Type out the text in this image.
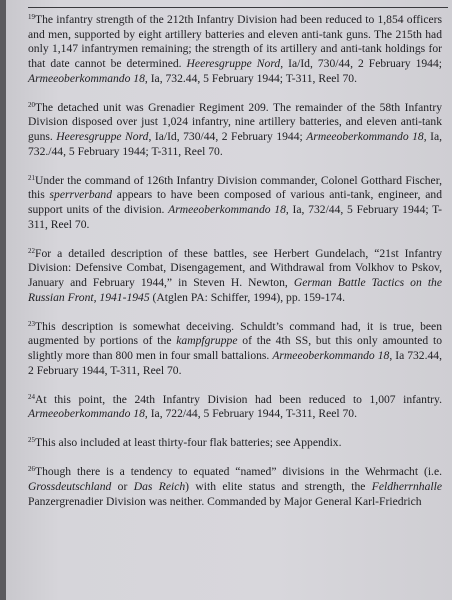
$^{19}$The infantry strength of the 212th Infantry Division had been reduced to 1,854 officers and men, supported by eight artillery batteries and eleven anti-tank guns. The 215th had only 1,147 infantrymen remaining; the strength of its artillery and anti-tank holdings for that date cannot be determined. Heeresgruppe Nord, Ia/Id, 730/44, 2 February 1944; Armeeoberkommando 18, Ia, 732.44, 5 February 1944; T-311, Reel 70.

$^{20}$The detached unit was Grenadier Regiment 209. The remainder of the 58th Infantry Division disposed over just 1,024 infantry, nine artillery batteries, and eleven anti-tank guns. Heeresgruppe Nord, Ia/Id, 730/44, 2 February 1944; Armeeoberkommando 18, Ia, 732./44, 5 February 1944; T-311, Reel 70.

$^{21}$Under the command of 126th Infantry Division commander, Colonel Gotthard Fischer, this sperrverband appears to have been composed of various anti-tank, engineer, and support units of the division. Armeeoberkommando 18, Ia, 732/44, 5 February 1944; T-311, Reel 70.

$^{22}$For a detailed description of these battles, see Herbert Gundelach, “21st Infantry Division: Defensive Combat, Disengagement, and Withdrawal from Volkhov to Pskov, January and February 1944,” in Steven H. Newton, German Battle Tactics on the Russian Front, 1941-1945 (Atglen PA: Schiffer, 1994), pp. 159-174.

$^{23}$This description is somewhat deceiving. Schuldt’s command had, it is true, been augmented by portions of the kampfgruppe of the 4th SS, but this only amounted to slightly more than 800 men in four small battalions. Armeeoberkommando 18, Ia 732.44, 2 February 1944, T-311, Reel 70.

$^{24}$At this point, the 24th Infantry Division had been reduced to 1,007 infantry. Armeeoberkommando 18, Ia, 722/44, 5 February 1944, T-311, Reel 70.

$^{25}$This also included at least thirty-four flak batteries; see Appendix.

$^{26}$Though there is a tendency to equated “named” divisions in the Wehrmacht (i.e. Grossdeutschland or Das Reich) with elite status and strength, the Feldherrnhalle Panzergrenadier Division was neither. Commanded by Major General Karl-Friedrich
